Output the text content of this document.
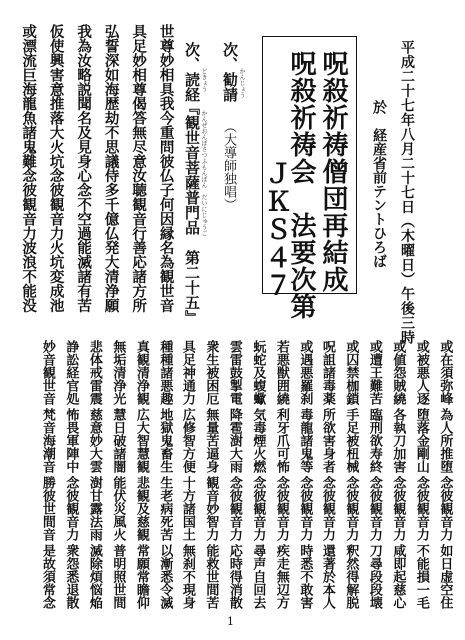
平成二十七年八月二十七日（木曜日）午後三時
於　経産省前テントひろば
呪殺祈祷僧団再結成
呪殺祈祷会　法要次第
ＪＫＳ４７
次、勧請 かんじょう
（大導師独唱）
次、読経 どきょう
『観世音菩薩普門品　第二十五』 かんぜおんぼさつふもんぼん　だいにじゅうご
世尊妙相具
我今重問彼
仏子何因縁
名為観世音
具足妙相尊
偈答無尽意
汝聴観音行
善応諸方所
弘誓深如海
歴劫不思議
侍多千億仏
発大清浄願
我為汝略説
聞名及見身
心念不空過
能滅諸有苦
仮使興害意
推落大火坑
念彼観音力
火坑変成池
或漂流巨海
龍魚諸鬼難
念彼観音力
波浪不能没
或在須弥峰
為人所推堕
念彼観音力
如日虚空住
或被悪人逐
堕落金剛山
念彼観音力
不能損一毛
或値怨賊繞
各執刀加害
念彼観音力
咸即起慈心
或遭王難苦
臨刑欲寿終
念彼観音力
刀尋段段壊
或囚禁枷鎖
手足被杻械
念彼観音力
釈然得解脱
呪詛諸毒薬
所欲害身者
念彼観音力
還著於本人
或遇悪羅刹
毒龍諸鬼等
念彼観音力
時悉不敢害
若悪獣囲繞
利牙爪可怖
念彼観音力
疾走無辺方
蚖蛇及蝮蠍
気毒煙火燃
念彼観音力
尋声自回去
雲雷鼓掣電
降雹澍大雨
念彼観音力
応時得消散
衆生被困厄
無量苦逼身
観音妙智力
能救世間苦
具足神通力
広修智方便
十方諸国土
無刹不現身
種種諸悪趣
地獄鬼畜生
生老病死苦
以漸悉令滅
真観清浄観
広大智慧観
悲観及慈観
常願常瞻仰
無垢清浄光
慧日破諸闇
能伏災風火
普明照世間
悲体戒雷震
慈意妙大雲
澍甘露法雨
滅除煩悩焔
諍訟経官処
怖畏軍陣中
念彼観音力
衆怨悉退散
妙音観世音
梵音海潮音
勝彼世間音
是故須常念
1
